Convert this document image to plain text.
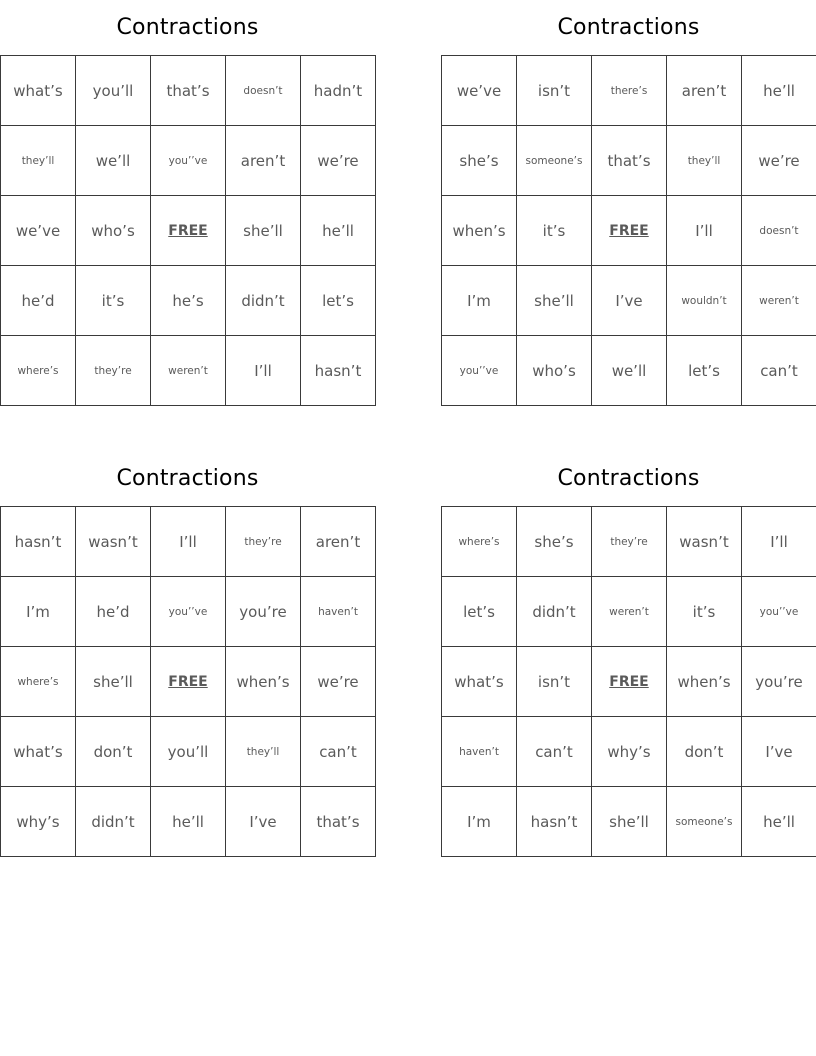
Contractions
what’s	you’ll	that’s	doesn’t	hadn’t
they’ll	we’ll	you’’ve	aren’t	we’re
we’ve	who’s	FREE	she’ll	he’ll
he’d	it’s	he’s	didn’t	let’s
where’s	they’re	weren’t	I’ll	hasn’t
Contractions
we’ve	isn’t	there’s	aren’t	he’ll
she’s	someone’s	that’s	they’ll	we’re
when’s	it’s	FREE	I’ll	doesn’t
I’m	she’ll	I’ve	wouldn’t	weren’t
you’’ve	who’s	we’ll	let’s	can’t
Contractions
hasn’t	wasn’t	I’ll	they’re	aren’t
I’m	he’d	you’’ve	you’re	haven’t
where’s	she’ll	FREE	when’s	we’re
what’s	don’t	you’ll	they’ll	can’t
why’s	didn’t	he’ll	I’ve	that’s
Contractions
where’s	she’s	they’re	wasn’t	I’ll
let’s	didn’t	weren’t	it’s	you’’ve
what’s	isn’t	FREE	when’s	you’re
haven’t	can’t	why’s	don’t	I’ve
I’m	hasn’t	she’ll	someone’s	he’ll
